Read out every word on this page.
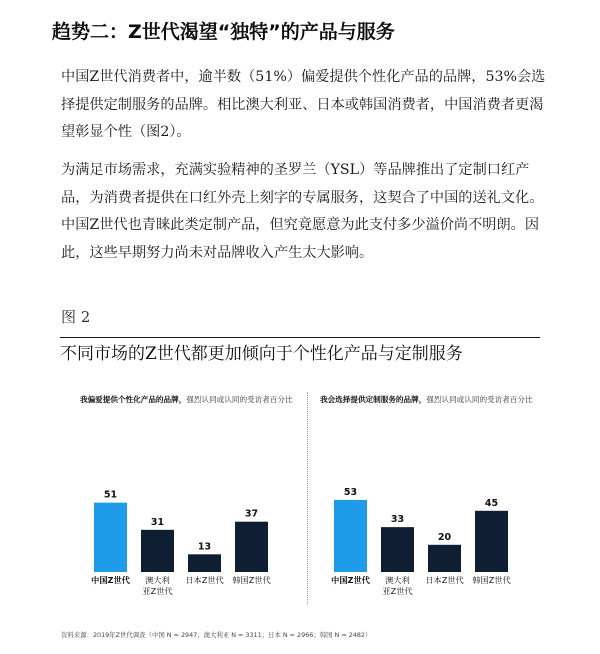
趋势二：Z世代渴望“独特”的产品与服务
中国Z世代消费者中，逾半数（51%）偏爱提供个性化产品的品牌，53%会选择提供定制服务的品牌。相比澳大利亚、日本或韩国消费者，中国消费者更渴望彰显个性（图2）。
为满足市场需求，充满实验精神的圣罗兰（YSL）等品牌推出了定制口红产品，为消费者提供在口红外壳上刻字的专属服务，这契合了中国的送礼文化。中国Z世代也青睐此类定制产品，但究竟愿意为此支付多少溢价尚不明朗。因此，这些早期努力尚未对品牌收入产生太大影响。
图 2
不同市场的Z世代都更加倾向于个性化产品与定制服务
我偏爱提供个性化产品的品牌，强烈认同或认同的受访者百分比
51
中国Z世代
31
澳大利
亚Z世代
13
日本Z世代
37
韩国Z世代
我会选择提供定制服务的品牌，强烈认同或认同的受访者百分比
53
中国Z世代
33
澳大利
亚Z世代
20
日本Z世代
45
韩国Z世代
资料来源：2019年Z世代调查（中国 N = 2947；澳大利亚 N = 3311；日本 N = 2966；韩国 N = 2482）
